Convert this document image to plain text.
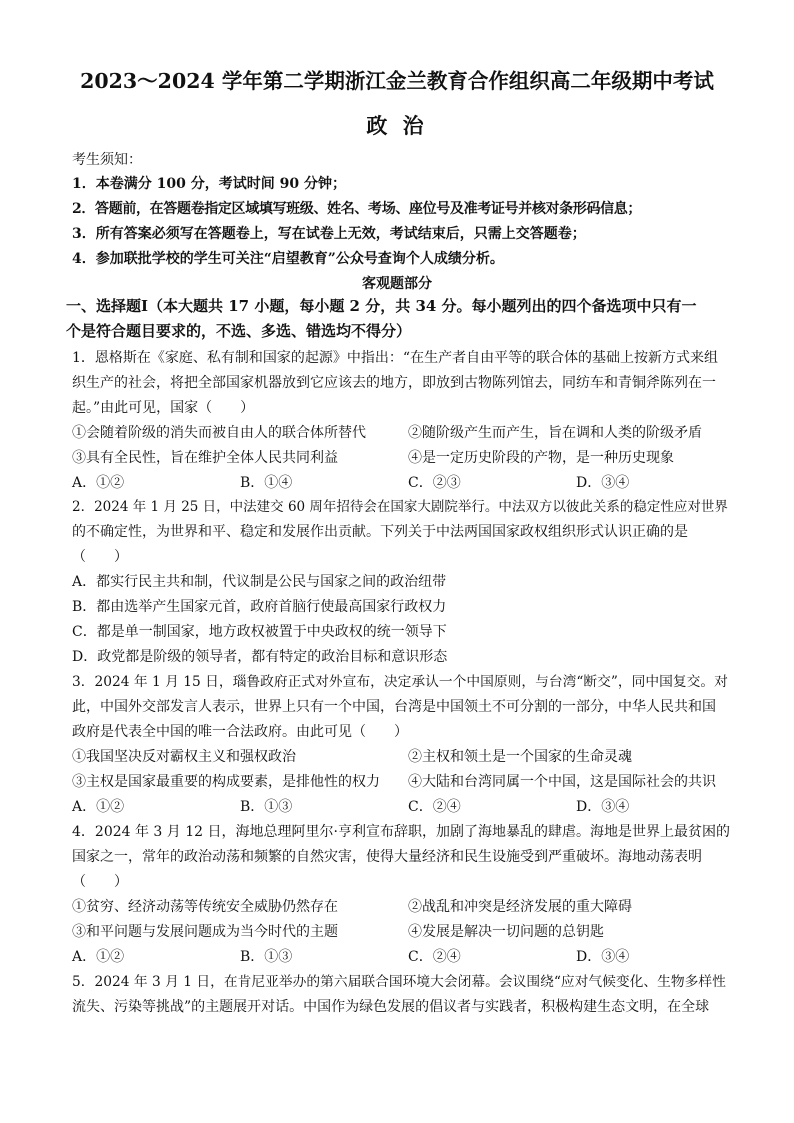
2023～2024 学年第二学期浙江金兰教育合作组织高二年级期中考试
政 治
考生须知：
1．本卷满分 100 分，考试时间 90 分钟；
2．答题前，在答题卷指定区域填写班级、姓名、考场、座位号及准考证号并核对条形码信息；
3．所有答案必须写在答题卷上，写在试卷上无效，考试结束后，只需上交答题卷；
4．参加联批学校的学生可关注“启望教育”公众号查询个人成绩分析。
客观题部分
一、选择题Ⅰ（本大题共 17 小题，每小题 2 分，共 34 分。每小题列出的四个备选项中只有一
个是符合题目要求的，不选、多选、错选均不得分）
1．恩格斯在《家庭、私有制和国家的起源》中指出：“在生产者自由平等的联合体的基础上按新方式来组
织生产的社会，将把全部国家机器放到它应该去的地方，即放到古物陈列馆去，同纺车和青铜斧陈列在一
起。”由此可见，国家（　　）
①会随着阶级的消失而被自由人的联合体所替代	②随阶级产生而产生，旨在调和人类的阶级矛盾
③具有全民性，旨在维护全体人民共同利益	④是一定历史阶段的产物，是一种历史现象
A．①②	B．①④	C．②③	D．③④
2．2024 年 1 月 25 日，中法建交 60 周年招待会在国家大剧院举行。中法双方以彼此关系的稳定性应对世界
的不确定性，为世界和平、稳定和发展作出贡献。下列关于中法两国国家政权组织形式认识正确的是
（　　）
A．都实行民主共和制，代议制是公民与国家之间的政治纽带
B．都由选举产生国家元首，政府首脑行使最高国家行政权力
C．都是单一制国家，地方政权被置于中央政权的统一领导下
D．政党都是阶级的领导者，都有特定的政治目标和意识形态
3．2024 年 1 月 15 日，瑙鲁政府正式对外宣布，决定承认一个中国原则，与台湾“断交”，同中国复交。对
此，中国外交部发言人表示，世界上只有一个中国，台湾是中国领土不可分割的一部分，中华人民共和国
政府是代表全中国的唯一合法政府。由此可见（　　）
①我国坚决反对霸权主义和强权政治	②主权和领土是一个国家的生命灵魂
③主权是国家最重要的构成要素，是排他性的权力 ④大陆和台湾同属一个中国，这是国际社会的共识
A．①②	B．①③	C．②④	D．③④
4．2024 年 3 月 12 日，海地总理阿里尔·亨利宣布辞职，加剧了海地暴乱的肆虐。海地是世界上最贫困的
国家之一，常年的政治动荡和频繁的自然灾害，使得大量经济和民生设施受到严重破坏。海地动荡表明
（　　）
①贫穷、经济动荡等传统安全威胁仍然存在	②战乱和冲突是经济发展的重大障碍
③和平问题与发展问题成为当今时代的主题	④发展是解决一切问题的总钥匙
A．①②	B．①③	C．②④	D．③④
5．2024 年 3 月 1 日，在肯尼亚举办的第六届联合国环境大会闭幕。会议围绕“应对气候变化、生物多样性
流失、污染等挑战”的主题展开对话。中国作为绿色发展的倡议者与实践者，积极构建生态文明，在全球
